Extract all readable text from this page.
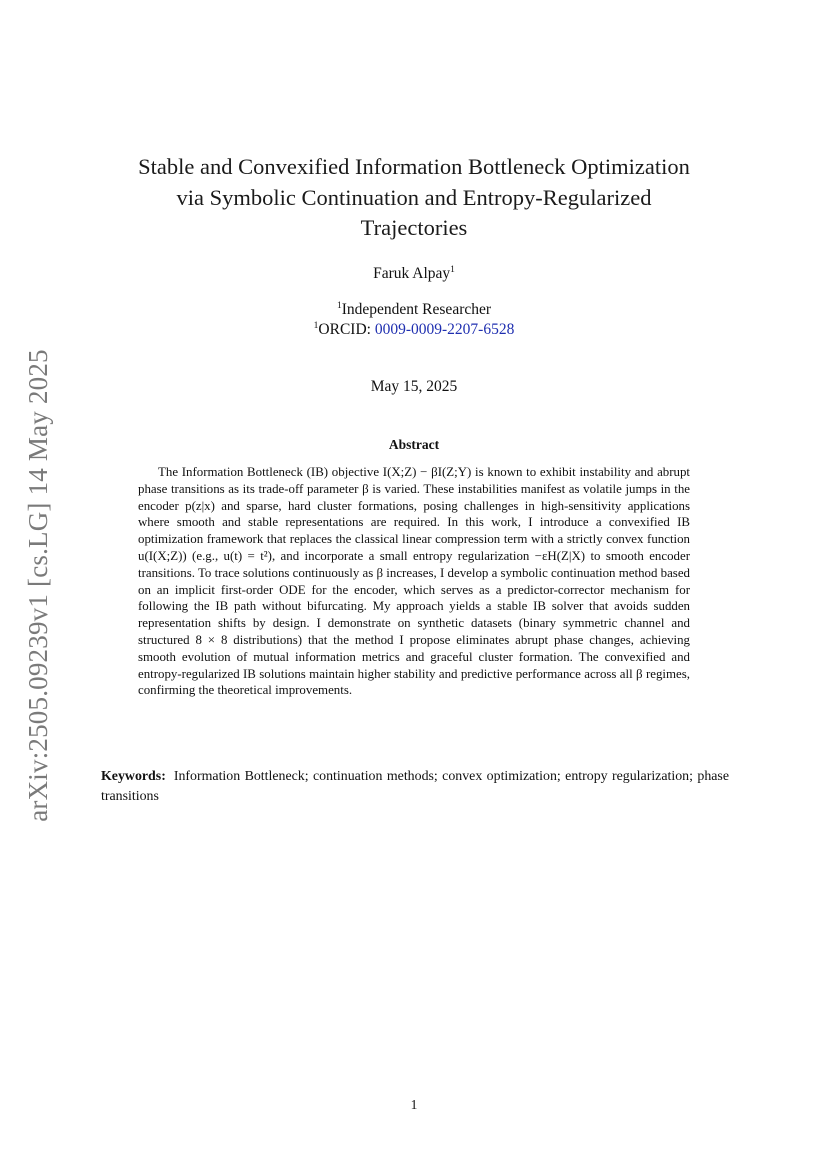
arXiv:2505.09239v1 [cs.LG] 14 May 2025
Stable and Convexified Information Bottleneck Optimization
via Symbolic Continuation and Entropy-Regularized
Trajectories
Faruk Alpay$^1$
$^1$Independent Researcher
$^1$ORCID: 0009-0009-2207-6528
May 15, 2025
Abstract
The Information Bottleneck (IB) objective I(X;Z) − βI(Z;Y) is known to exhibit instability and abrupt phase transitions as its trade-off parameter β is varied. These instabilities manifest as volatile jumps in the encoder p(z|x) and sparse, hard cluster formations, posing challenges in high-sensitivity applications where smooth and stable representations are required. In this work, I introduce a convexified IB optimization framework that replaces the classical linear compression term with a strictly convex function u(I(X;Z)) (e.g., u(t) = t²), and incorporate a small entropy regularization −εH(Z|X) to smooth encoder transitions. To trace solutions continuously as β increases, I develop a symbolic continuation method based on an implicit first-order ODE for the encoder, which serves as a predictor-corrector mechanism for following the IB path without bifurcating. My approach yields a stable IB solver that avoids sudden representation shifts by design. I demonstrate on synthetic datasets (binary symmetric channel and structured 8 × 8 distributions) that the method I propose eliminates abrupt phase changes, achieving smooth evolution of mutual information metrics and graceful cluster formation. The convexified and entropy-regularized IB solutions maintain higher stability and predictive performance across all β regimes, confirming the theoretical improvements.
Keywords: Information Bottleneck; continuation methods; convex optimization; entropy regularization; phase transitions
1
